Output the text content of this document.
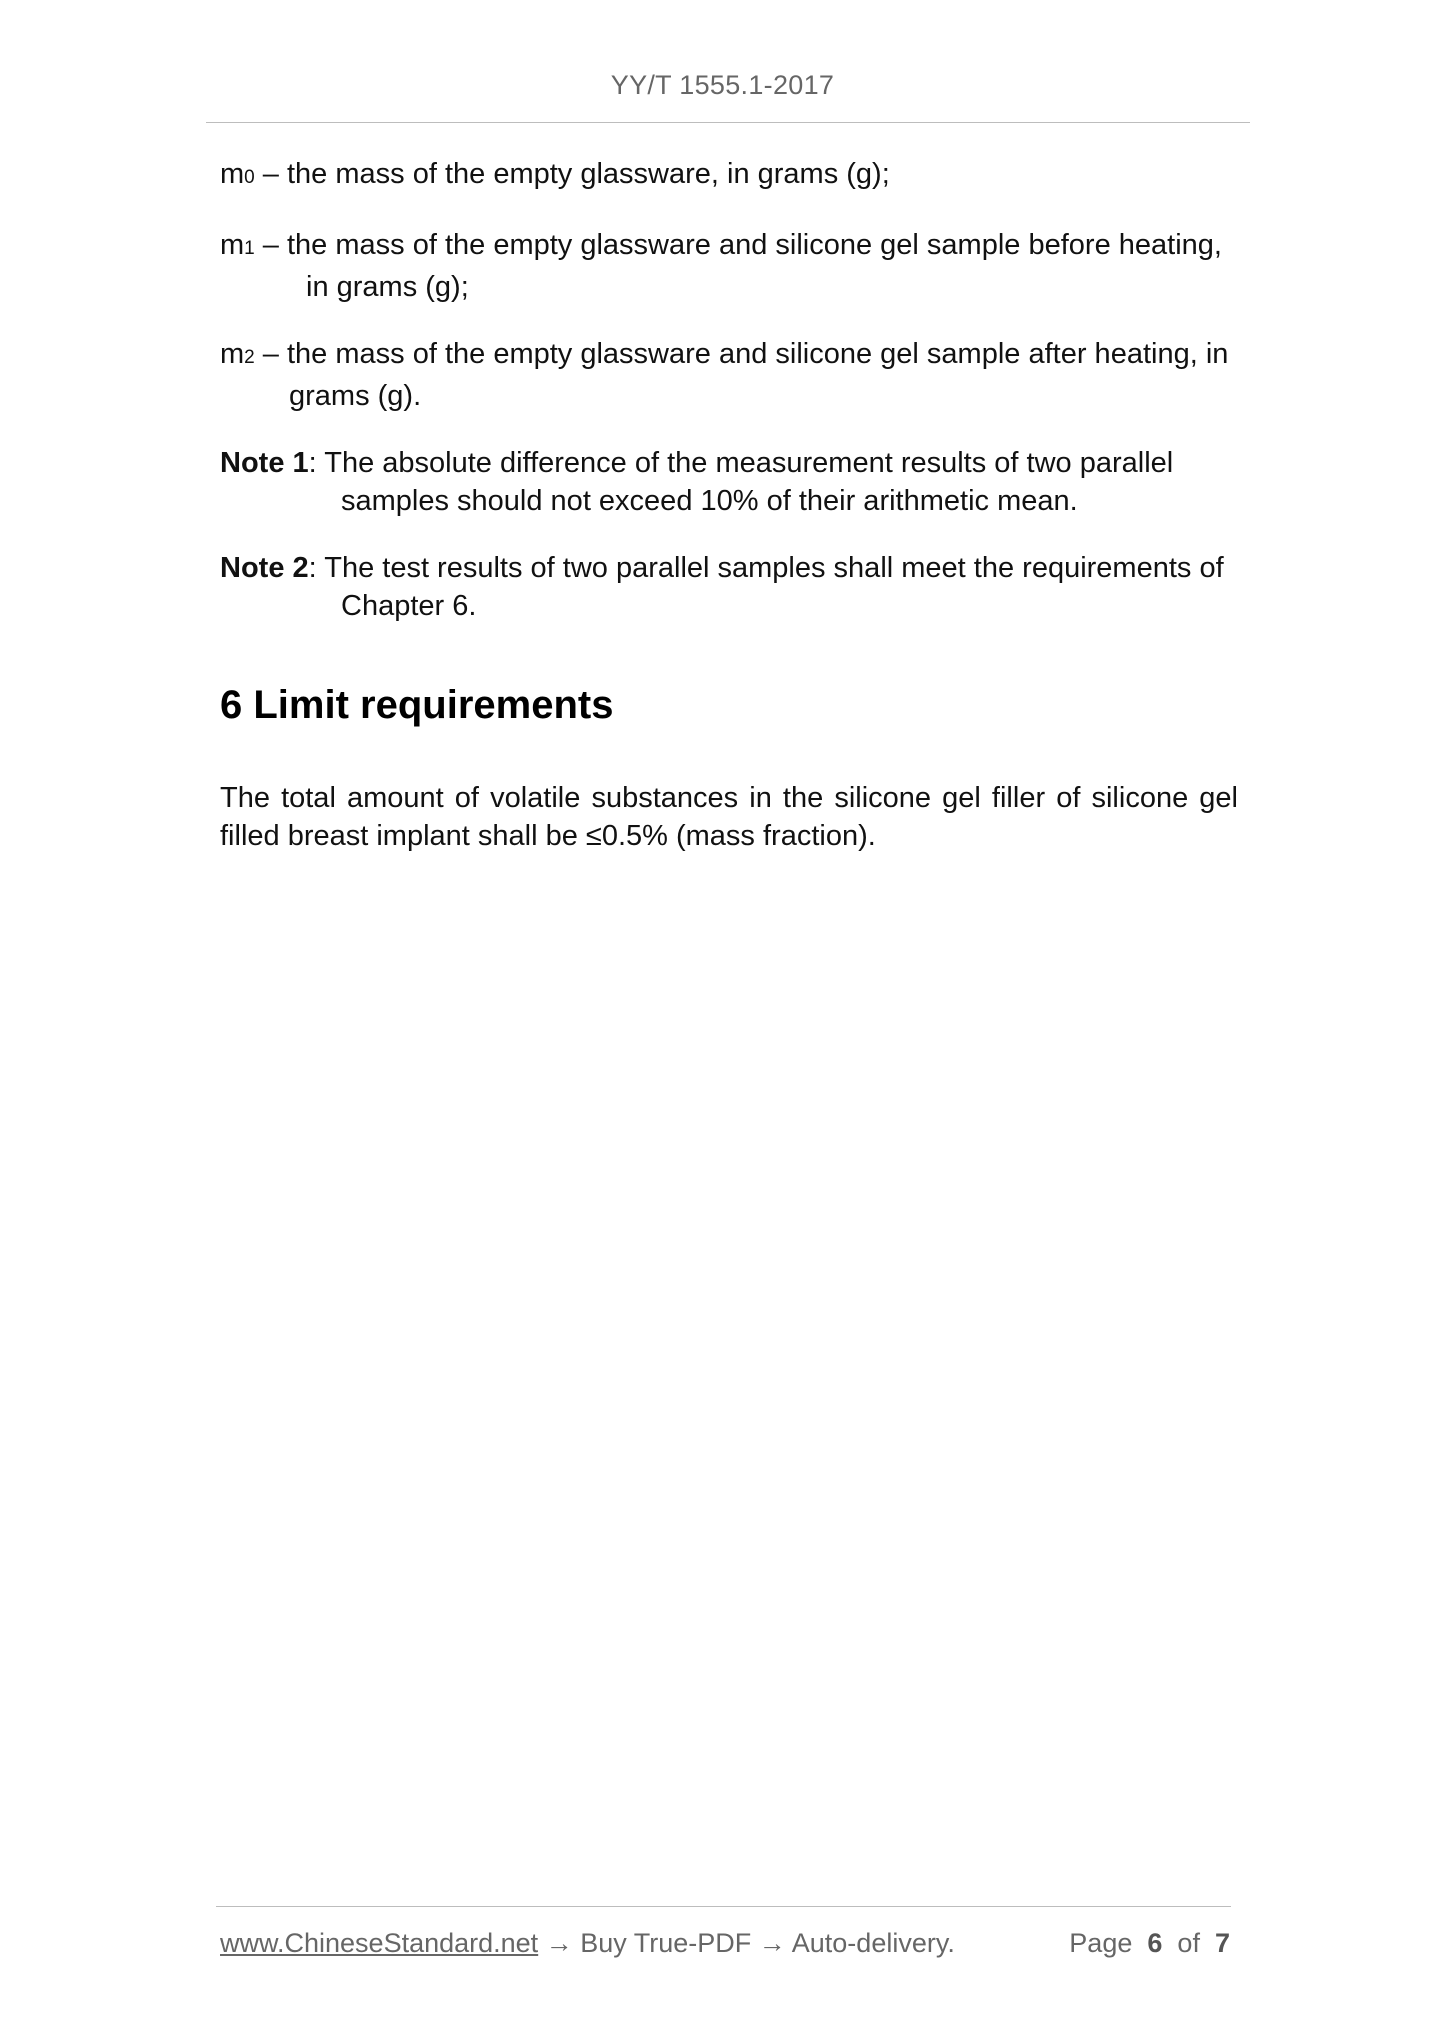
YY/T 1555.1-2017
m0 – the mass of the empty glassware, in grams (g);
m1 – the mass of the empty glassware and silicone gel sample before heating,
in grams (g);
m2 – the mass of the empty glassware and silicone gel sample after heating, in
grams (g).
Note 1: The absolute difference of the measurement results of two parallel
samples should not exceed 10% of their arithmetic mean.
Note 2: The test results of two parallel samples shall meet the requirements of
Chapter 6.
6 Limit requirements
The total amount of volatile substances in the silicone gel filler of silicone gel filled breast implant shall be ≤0.5% (mass fraction).
www.ChineseStandard.net → Buy True-PDF → Auto-delivery.	Page 6 of 7
